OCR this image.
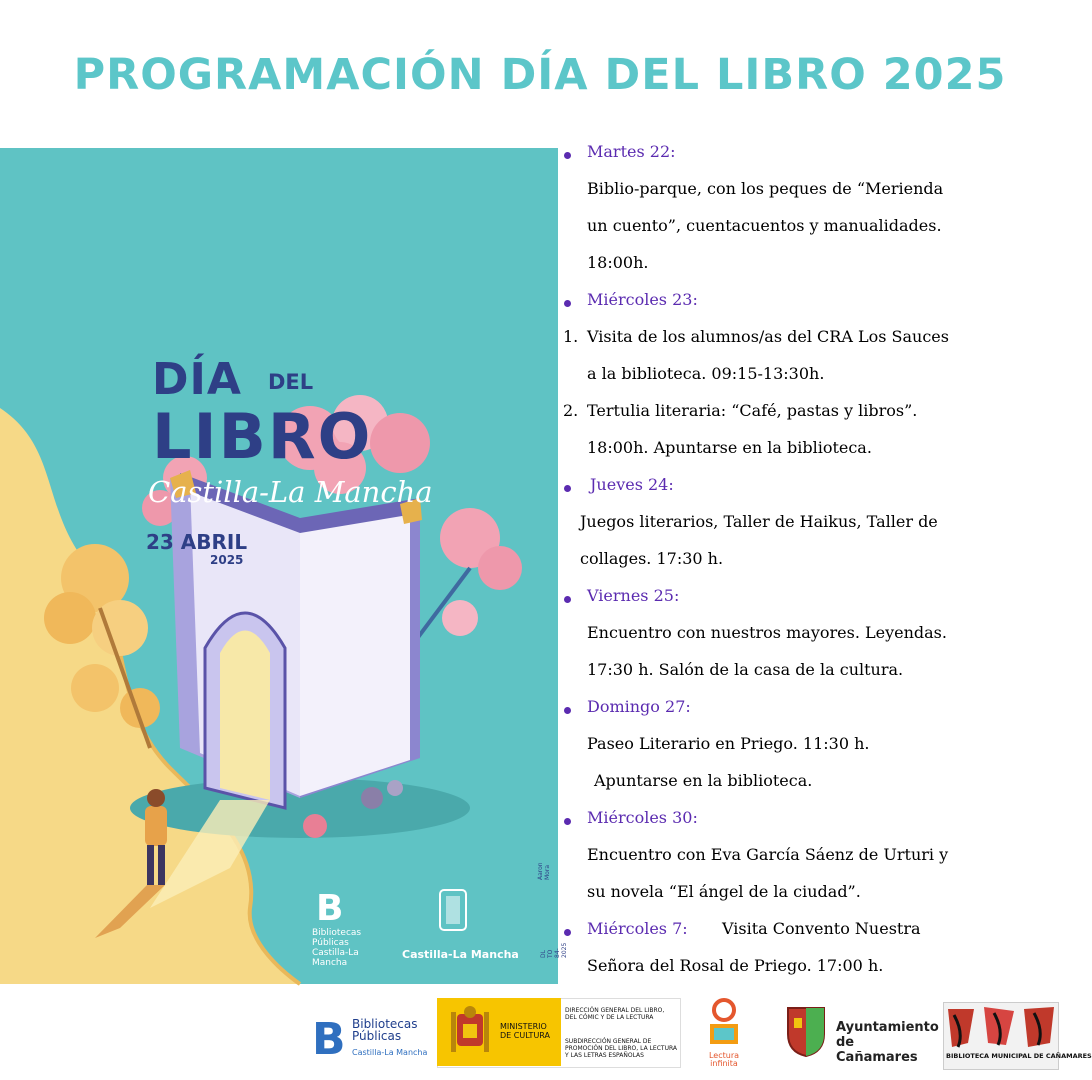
PROGRAMACIÓN DÍA DEL LIBRO 2025
DÍA DEL
LIBRO
Castilla-La Mancha
23 ABRIL
2025
B
Bibliotecas Públicas Castilla-La Mancha
Castilla-La Mancha
Aaron Mora
DL TO 84-2025
Martes 22:
Biblio-parque, con los peques de “Merienda
un cuento”, cuentacuentos y manualidades.
18:00h.
Miércoles 23:
1. Visita de los alumnos/as del CRA Los Sauces
a la biblioteca. 09:15-13:30h.
2. Tertulia literaria: “Café, pastas y libros”.
18:00h. Apuntarse en la biblioteca.
Jueves 24:
Juegos literarios, Taller de Haikus, Taller de
collages. 17:30 h.
Viernes 25:
Encuentro con nuestros mayores. Leyendas.
17:30 h. Salón de la casa de la cultura.
Domingo 27:
Paseo Literario en Priego. 11:30 h.
Apuntarse en la biblioteca.
Miércoles 30:
Encuentro con Eva García Sáenz de Urturi y
su novela “El ángel de la ciudad”.
Miércoles 7: Visita Convento Nuestra
Señora del Rosal de Priego. 17:00 h.
B Bibliotecas Públicas
Castilla-La Mancha
MINISTERIO DE CULTURA
DIRECCIÓN GENERAL DEL LIBRO, DEL CÓMIC Y DE LA LECTURA
SUBDIRECCIÓN GENERAL DE PROMOCIÓN DEL LIBRO, LA LECTURA Y LAS LETRAS ESPAÑOLAS	Lectura infinita
Ayuntamiento de Cañamares	BIBLIOTECA MUNICIPAL DE CAÑAMARES
